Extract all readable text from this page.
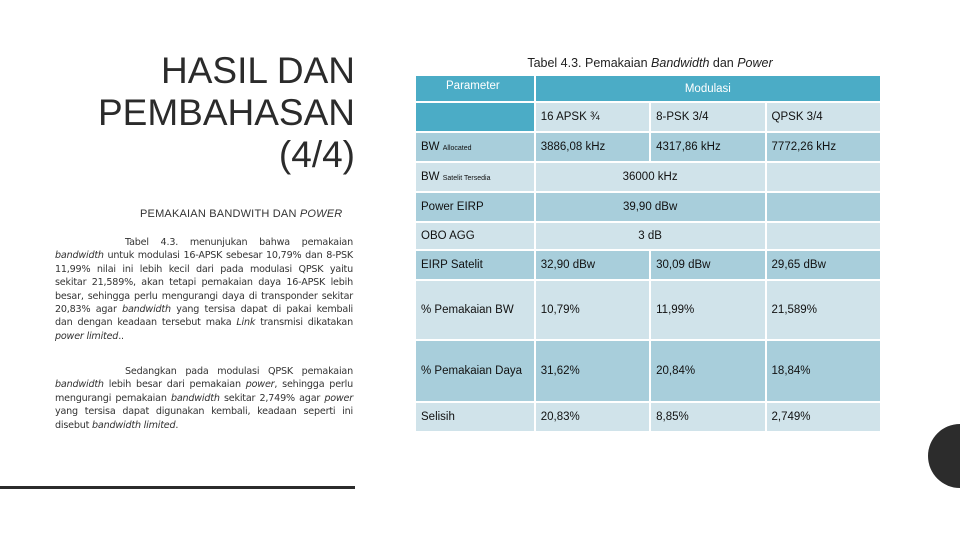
HASIL DAN
PEMBAHASAN
(4/4)
PEMAKAIAN BANDWITH DAN POWER

Tabel 4.3. menunjukan bahwa pemakaian bandwidth untuk modulasi 16-APSK sebesar 10,79% dan 8-PSK 11,99% nilai ini lebih kecil dari pada modulasi QPSK yaitu sekitar 21,589%, akan tetapi pemakaian daya 16-APSK lebih besar, sehingga perlu mengurangi daya di transponder sekitar 20,83% agar bandwidth yang tersisa dapat di pakai kembali dan dengan keadaan tersebut maka Link transmisi dikatakan power limited..

Sedangkan pada modulasi QPSK pemakaian bandwidth lebih besar dari pemakaian power, sehingga perlu mengurangi pemakaian bandwidth sekitar 2,749% agar power yang tersisa dapat digunakan kembali, keadaan seperti ini disebut bandwidth limited.

Tabel 4.3. Pemakaian Bandwidth dan Power
Parameter	Modulasi		
	16 APSK ¾	8-PSK 3/4	QPSK 3/4
BW Allocated	3886,08 kHz	4317,86 kHz	7772,26 kHz
BW Satelit Tersedia	36000 kHz		
Power EIRP	39,90 dBw		
OBO AGG	3 dB		
EIRP Satelit	32,90 dBw	30,09 dBw	29,65 dBw
% Pemakaian BW	10,79%	11,99%	21,589%
% Pemakaian Daya	31,62%	20,84%	18,84%
Selisih	20,83%	8,85%	2,749%
